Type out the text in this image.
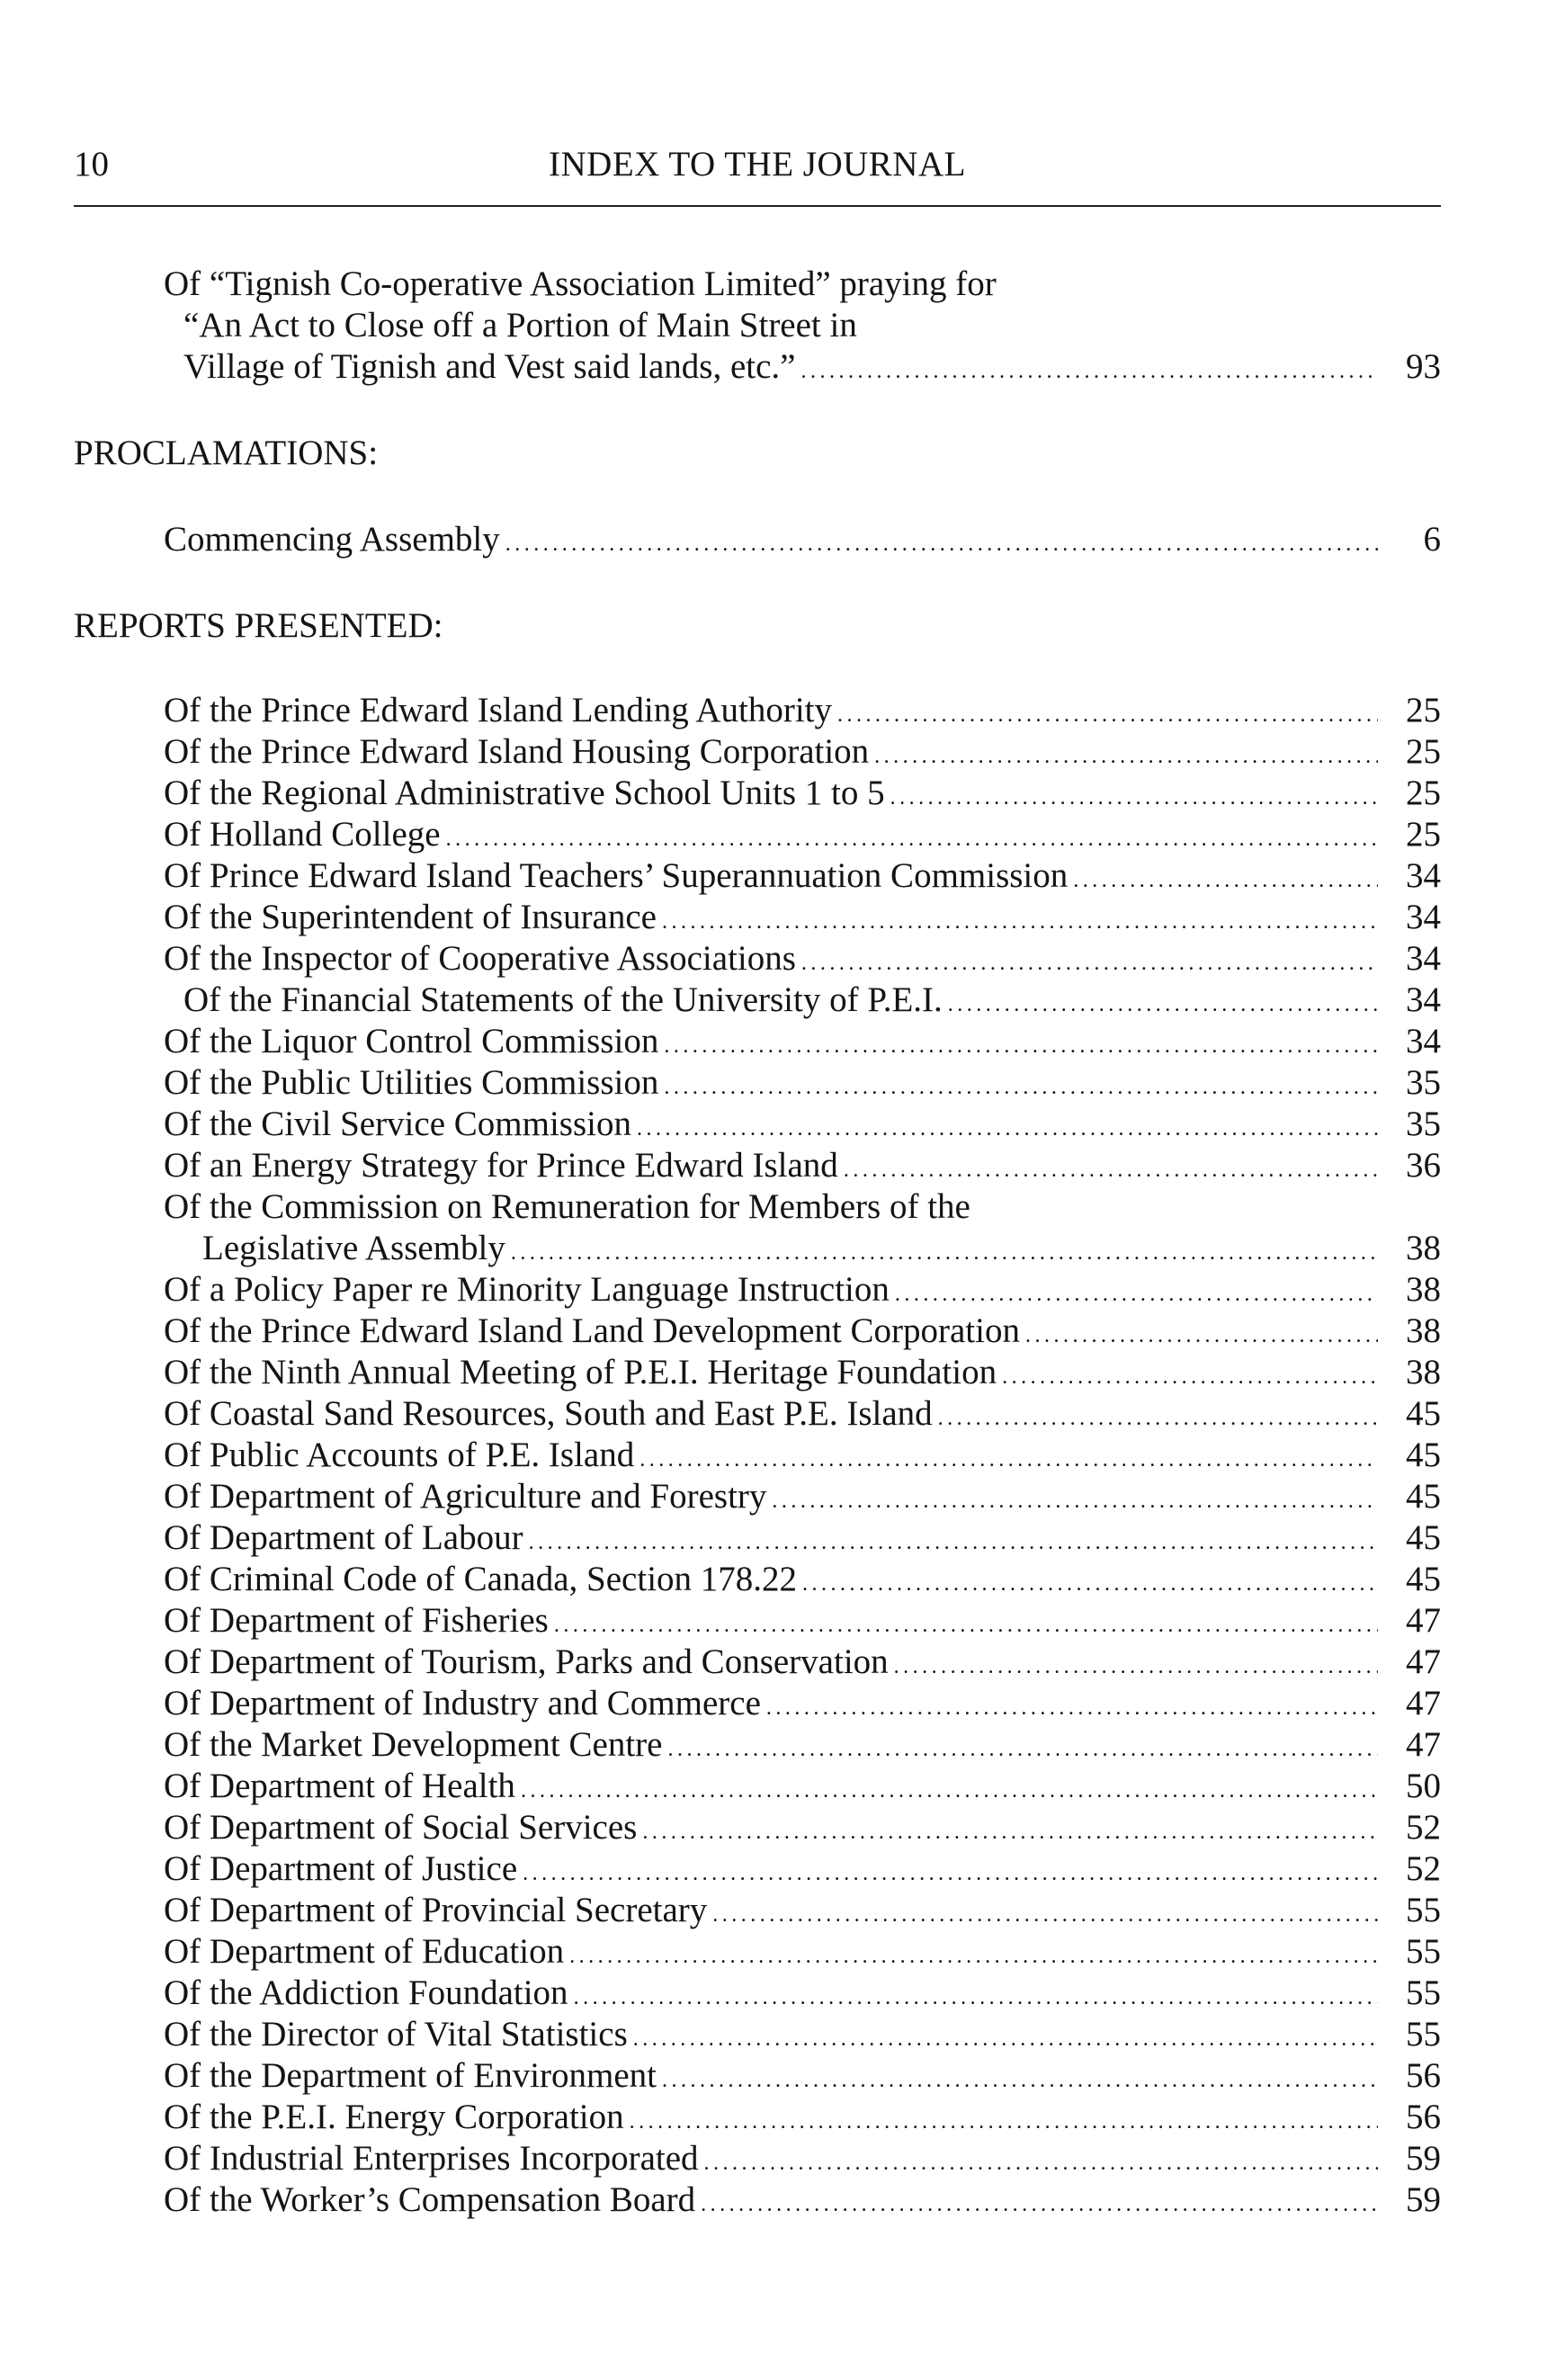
10	INDEX TO THE JOURNAL
Of “Tignish Co-operative Association Limited” praying for
“An Act to Close off a Portion of Main Street in
Village of Tignish and Vest said lands, etc.” .....	93
PROCLAMATIONS:
Commencing Assembly .....	6
REPORTS PRESENTED:
Of the Prince Edward Island Lending Authority .....	25
Of the Prince Edward Island Housing Corporation .....	25
Of the Regional Administrative School Units 1 to 5 .....	25
Of Holland College .....	25
Of Prince Edward Island Teachers’ Superannuation Commission .....	34
Of the Superintendent of Insurance .....	34
Of the Inspector of Cooperative Associations .....	34
Of the Financial Statements of the University of P.E.I. .....	34
Of the Liquor Control Commission .....	34
Of the Public Utilities Commission .....	35
Of the Civil Service Commission .....	35
Of an Energy Strategy for Prince Edward Island .....	36
Of the Commission on Remuneration for Members of the
Legislative Assembly .....	38
Of a Policy Paper re Minority Language Instruction .....	38
Of the Prince Edward Island Land Development Corporation .....	38
Of the Ninth Annual Meeting of P.E.I. Heritage Foundation .....	38
Of Coastal Sand Resources, South and East P.E. Island .....	45
Of Public Accounts of P.E. Island .....	45
Of Department of Agriculture and Forestry .....	45
Of Department of Labour .....	45
Of Criminal Code of Canada, Section 178.22 .....	45
Of Department of Fisheries .....	47
Of Department of Tourism, Parks and Conservation .....	47
Of Department of Industry and Commerce .....	47
Of the Market Development Centre .....	47
Of Department of Health .....	50
Of Department of Social Services .....	52
Of Department of Justice .....	52
Of Department of Provincial Secretary .....	55
Of Department of Education .....	55
Of the Addiction Foundation .....	55
Of the Director of Vital Statistics .....	55
Of the Department of Environment .....	56
Of the P.E.I. Energy Corporation .....	56
Of Industrial Enterprises Incorporated .....	59
Of the Worker’s Compensation Board .....	59
